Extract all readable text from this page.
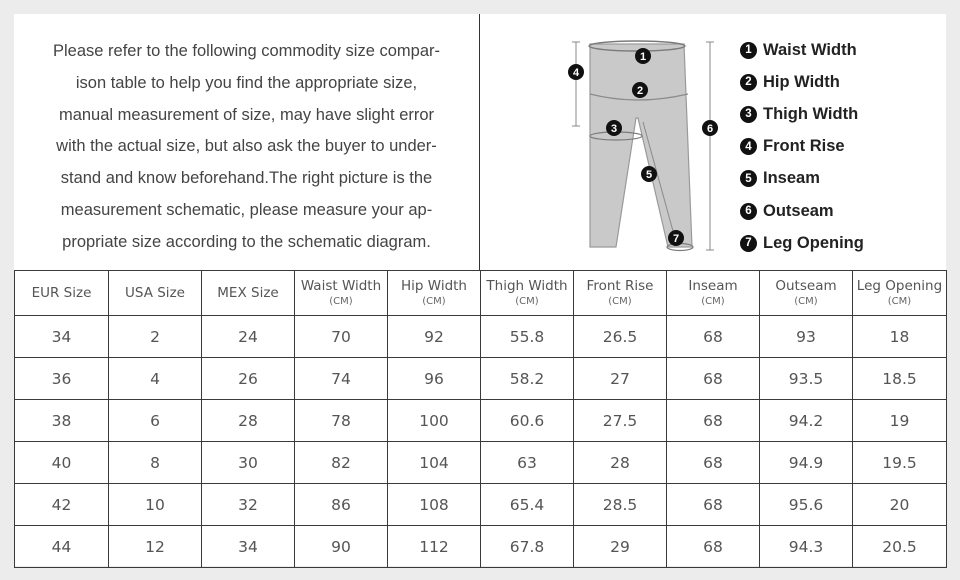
Please refer to the following commodity size compar-
ison table to help you find the appropriate size,
manual measurement of size, may have slight error
with the actual size, but also ask the buyer to under-
stand and know beforehand.The right picture is the
measurement schematic, please measure your ap-
propriate size according to the schematic diagram.
1
2
3
4
5
6
7
1 Waist Width
2 Hip Width
3 Thigh Width
4 Front Rise
5 Inseam
6 Outseam
7 Leg Opening
EUR Size	USA Size	MEX Size	Waist Width
(CM)	Hip Width
(CM)	Thigh Width
(CM)	Front Rise
(CM)	Inseam
(CM)	Outseam
(CM)	Leg Opening
(CM)

34	2	24	70	92	55.8	26.5	68	93	18
36	4	26	74	96	58.2	27	68	93.5	18.5
38	6	28	78	100	60.6	27.5	68	94.2	19
40	8	30	82	104	63	28	68	94.9	19.5
42	10	32	86	108	65.4	28.5	68	95.6	20
44	12	34	90	112	67.8	29	68	94.3	20.5
